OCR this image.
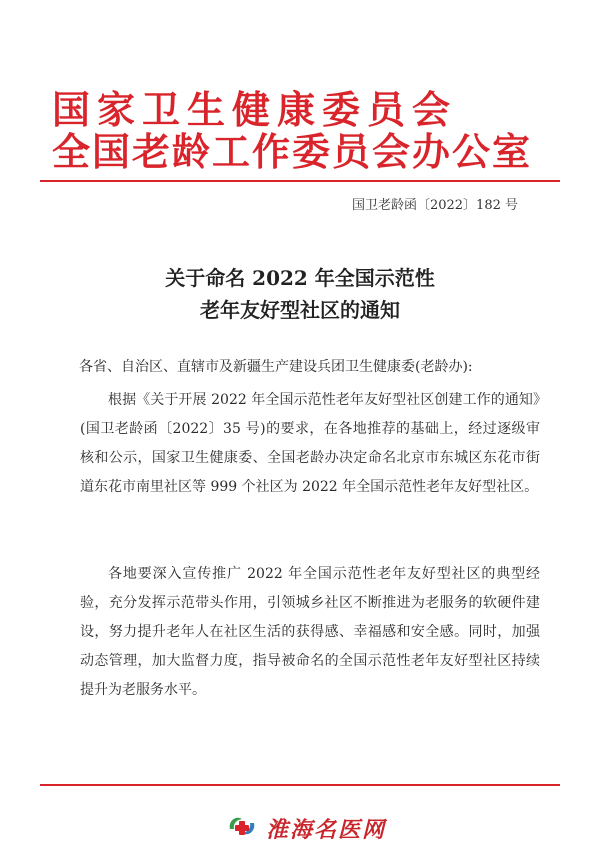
国家卫生健康委员会
全国老龄工作委员会办公室
国卫老龄函〔2022〕182 号
关于命名 2022 年全国示范性
老年友好型社区的通知

各省、自治区、直辖市及新疆生产建设兵团卫生健康委(老龄办):

根据《关于开展 2022 年全国示范性老年友好型社区创建工作的通知》(国卫老龄函〔2022〕35 号)的要求，在各地推荐的基础上，经过逐级审核和公示，国家卫生健康委、全国老龄办决定命名北京市东城区东花市街道东花市南里社区等 999 个社区为 2022 年全国示范性老年友好型社区。

各地要深入宣传推广 2022 年全国示范性老年友好型社区的典型经验，充分发挥示范带头作用，引领城乡社区不断推进为老服务的软硬件建设，努力提升老年人在社区生活的获得感、幸福感和安全感。同时，加强动态管理，加大监督力度，指导被命名的全国示范性老年友好型社区持续提升为老服务水平。

淮海名医网
